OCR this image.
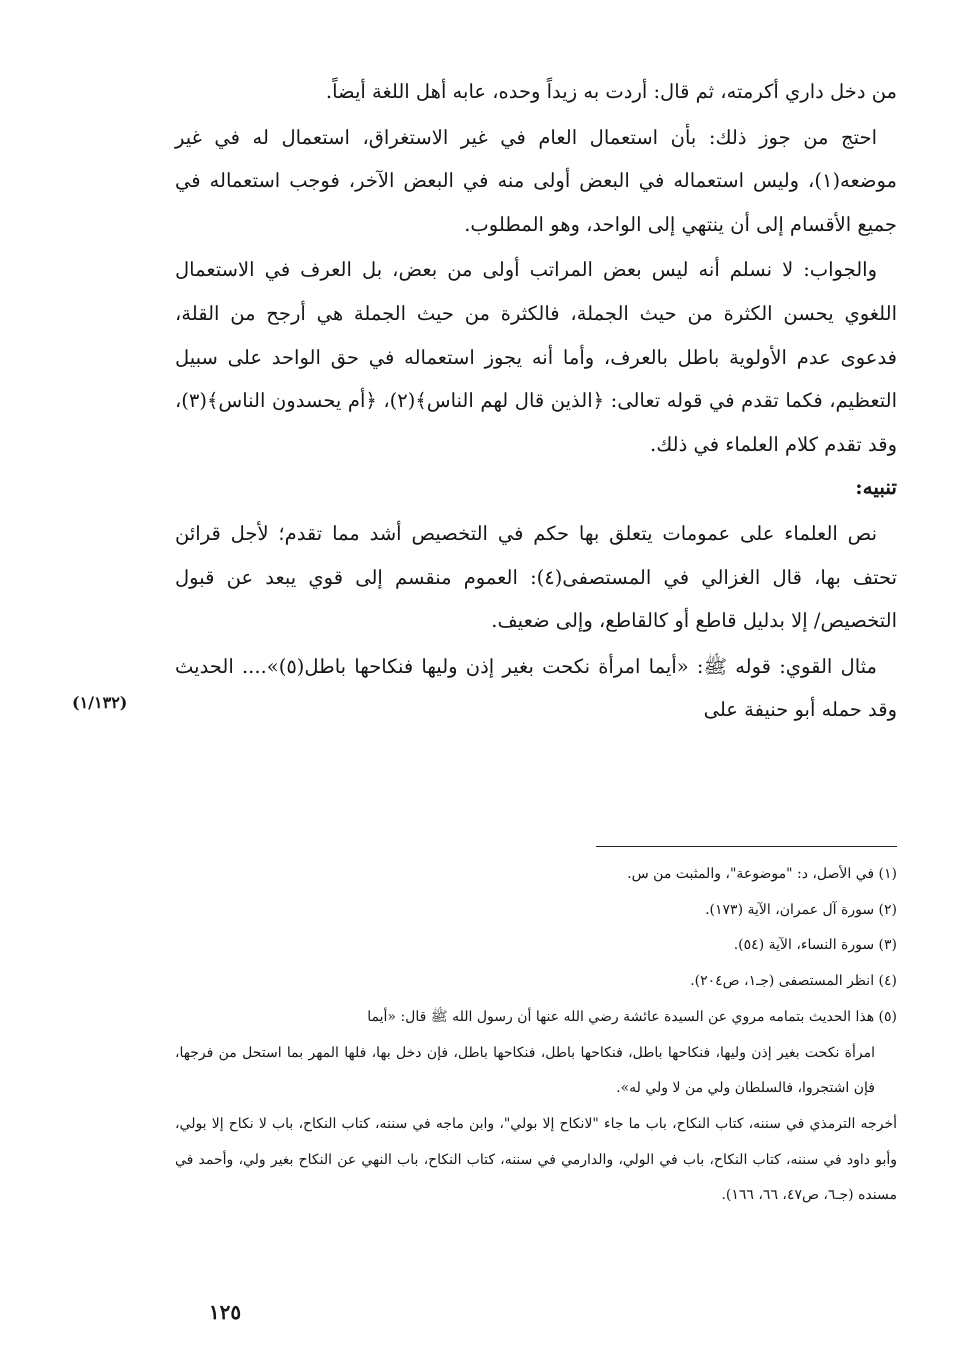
من دخل داري أكرمته، ثم قال: أردت به زيداً وحده، عابه أهل اللغة أيضاً.

احتج من جوز ذلك: بأن استعمال العام في غير الاستغراق، استعمال له في غير موضعه(١)، وليس استعماله في البعض أولى منه في البعض الآخر، فوجب استعماله في جميع الأقسام إلى أن ينتهي إلى الواحد، وهو المطلوب.

والجواب: لا نسلم أنه ليس بعض المراتب أولى من بعض، بل العرف في الاستعمال اللغوي يحسن الكثرة من حيث الجملة، فالكثرة من حيث الجملة هي أرجح من القلة، فدعوى عدم الأولوية باطل بالعرف، وأما أنه يجوز استعماله في حق الواحد على سبيل التعظيم، فكما تقدم في قوله تعالى: ﴿الذين قال لهم الناس﴾(٢)، ﴿أم يحسدون الناس﴾(٣)، وقد تقدم كلام العلماء في ذلك.

تنبيه:

نص العلماء على عمومات يتعلق بها حكم في التخصيص أشد مما تقدم؛ لأجل قرائن تحتف بها، قال الغزالي في المستصفى(٤): العموم منقسم إلى قوي يبعد عن قبول التخصيص/ إلا بدليل قاطع أو كالقاطع، وإلى ضعيف.

مثال القوي: قوله ﷺ: «أيما امرأة نكحت بغير إذن وليها فنكاحها باطل(٥)».... الحديث وقد حمله أبو حنيفة على

(١/١٣٢)

(١) في الأصل، د: "موضوعة"، والمثبت من س.

(٢) سورة آل عمران، الآية (١٧٣).

(٣) سورة النساء، الآية (٥٤).

(٤) انظر المستصفى (جـ١، ص٢٠٤).

(٥) هذا الحديث بتمامه مروي عن السيدة عائشة رضي الله عنها أن رسول الله ﷺ قال: «أيما

امرأة نكحت بغير إذن وليها، فنكاحها باطل، فنكاحها باطل، فنكاحها باطل، فإن دخل بها، فلها المهر بما استحل من فرجها، فإن اشتجروا، فالسلطان ولي من لا ولي له».

أخرجه الترمذي في سننه، كتاب النكاح، باب ما جاء "لانكاح إلا بولي"، وابن ماجه في سننه، كتاب النكاح، باب لا نكاح إلا بولي، وأبو داود في سننه، كتاب النكاح، باب في الولي، والدارمي في سننه، كتاب النكاح، باب النهي عن النكاح بغير ولي، وأحمد في مسنده (جـ٦، ص٤٧، ٦٦، ١٦٦).

١٢٥
